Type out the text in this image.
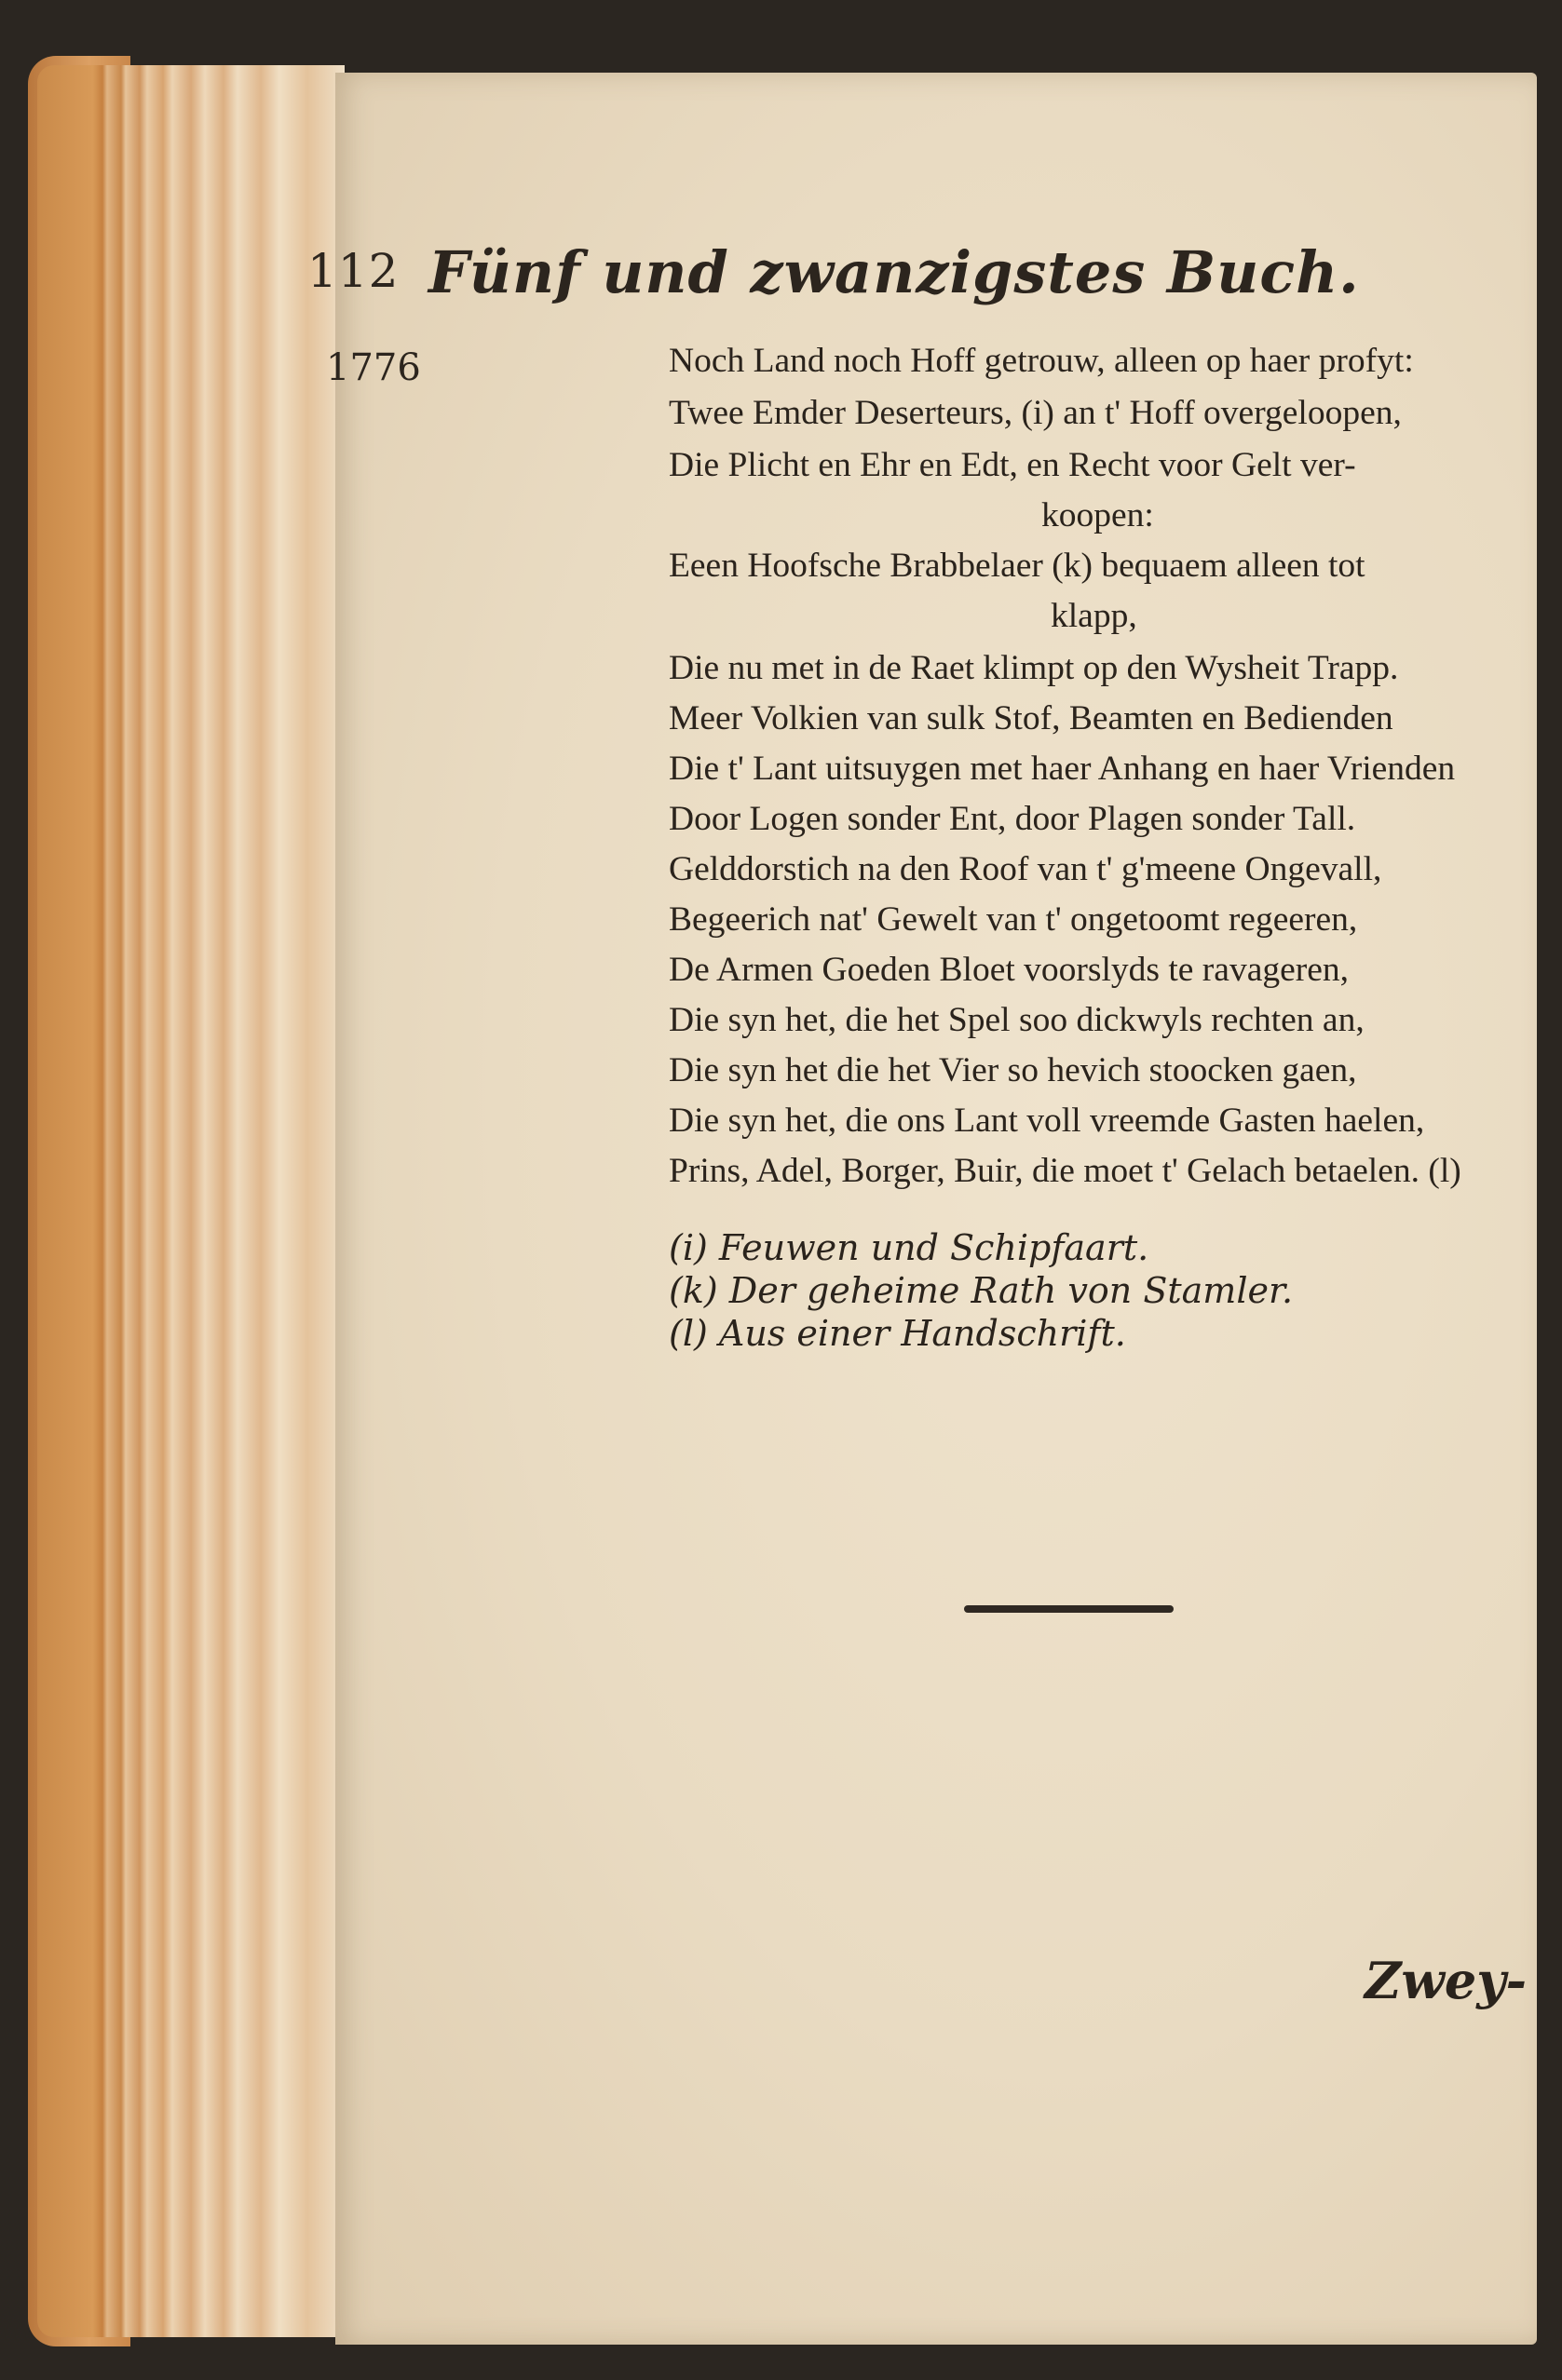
112 Fünf und zwanzigstes Buch.
1776	Noch Land noch Hoff getrouw, alleen op haer profyt:
Twee Emder Deserteurs, (i) an t' Hoff overgeloopen,
Die Plicht en Ehr en Edt, en Recht voor Gelt ver-
koopen:
Eeen Hoofsche Brabbelaer (k) bequaem alleen tot
klapp,
Die nu met in de Raet klimpt op den Wysheit Trapp.
Meer Volkien van sulk Stof, Beamten en Bedienden
Die t' Lant uitsuygen met haer Anhang en haer Vrienden
Door Logen sonder Ent, door Plagen sonder Tall.
Gelddorstich na den Roof van t' g'meene Ongevall,
Begeerich nat' Gewelt van t' ongetoomt regeeren,
De Armen Goeden Bloet voorslyds te ravageren,
Die syn het, die het Spel soo dickwyls rechten an,
Die syn het die het Vier so hevich stoocken gaen,
Die syn het, die ons Lant voll vreemde Gasten haelen,
Prins, Adel, Borger, Buir, die moet t' Gelach betaelen. (l)
(i) Feuwen und Schipfaart.
(k) Der geheime Rath von Stamler.
(l) Aus einer Handschrift.
Zwey-
